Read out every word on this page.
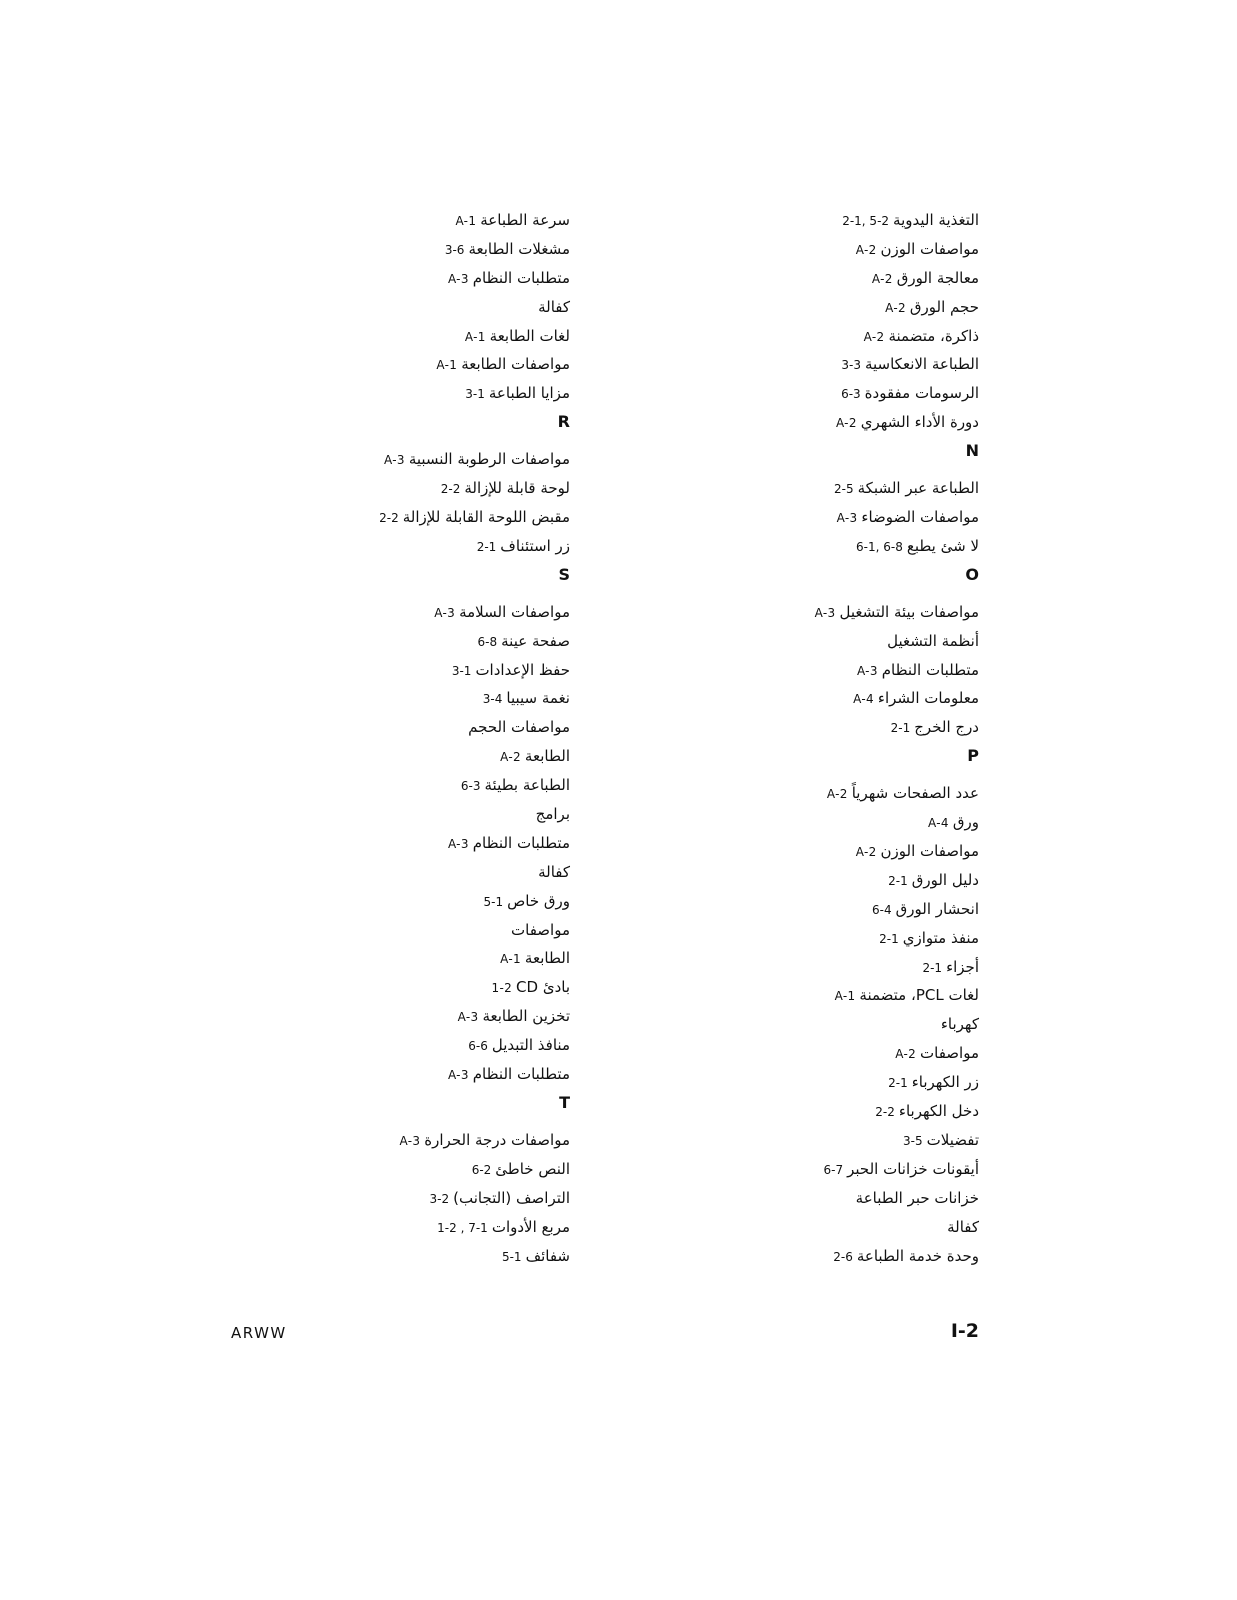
التغذية اليدوية2-1, 5-2
مواصفات الوزنA-2
معالجة الورقA-2
حجم الورقA-2
ذاكرة، متضمنةA-2
الطباعة الانعكاسية3-3
الرسومات مفقودة6-3
دورة الأداء الشهريA-2
N
الطباعة عبر الشبكة2-5
مواصفات الضوضاءA-3
لا شئ يطبع6-1, 6-8
O
مواصفات بيئة التشغيلA-3
أنظمة التشغيل
متطلبات النظامA-3
معلومات الشراءA-4
درج الخرج2-1
P
عدد الصفحات شهرياًA-2
ورقA-4
مواصفات الوزنA-2
دليل الورق2-1
انحشار الورق6-4
منفذ متوازي2-1
أجزاء2-1
لغات PCL، متضمنةA-1
كهرباء
مواصفاتA-2
زر الكهرباء2-1
دخل الكهرباء2-2
تفضيلات3-5
أيقونات خزانات الحبر6-7
خزانات حبر الطباعة
كفالة
وحدة خدمة الطباعة2-6
سرعة الطباعةA-1
مشغلات الطابعة3-6
متطلبات النظامA-3
كفالة
لغات الطابعةA-1
مواصفات الطابعةA-1
مزايا الطباعة3-1
R
مواصفات الرطوبة النسبيةA-3
لوحة قابلة للإزالة2-2
مقبض اللوحة القابلة للإزالة2-2
زر استئناف2-1
S
مواصفات السلامةA-3
صفحة عينة6-8
حفظ الإعدادات3-1
نغمة سيبيا3-4
مواصفات الحجم
الطابعةA-2
الطباعة بطيئة6-3
برامج
متطلبات النظامA-3
كفالة
ورق خاص5-1
مواصفات
الطابعةA-1
بادئ CD1-2
تخزين الطابعةA-3
منافذ التبديل6-6
متطلبات النظامA-3
T
مواصفات درجة الحرارةA-3
النص خاطئ6-2
التراصف (التجانب)3-2
مربع الأدوات1-2 , 7-1
شفائف5-1
ARWW	I-2
